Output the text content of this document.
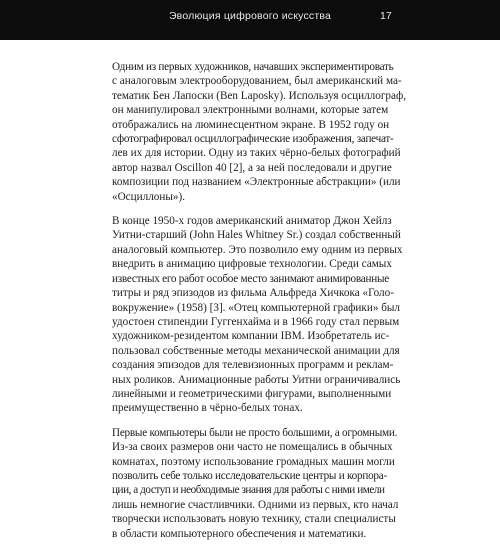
Эволюция цифрового искусства	17

Одним из первых художников, начавших экспериментировать
с аналоговым электрооборудованием, был американский ма-
тематик Бен Лапоски (Ben Laposky). Используя осциллограф,
он манипулировал электронными волнами, которые затем
отображались на люминесцентном экране. В 1952 году он
сфотографировал осциллографические изображения, запечат-
лев их для истории. Одну из таких чёрно-белых фотографий
автор назвал Oscillon 40 [2], а за ней последовали и другие
композиции под названием «Электронные абстракции» (или
«Осциллоны»).

В конце 1950-х годов американский аниматор Джон Хейлз
Уитни-старший (John Hales Whitney Sr.) создал собственный
аналоговый компьютер. Это позволило ему одним из первых
внедрить в анимацию цифровые технологии. Среди самых
известных его работ особое место занимают анимированные
титры и ряд эпизодов из фильма Альфреда Хичкока «Голо-
вокружение» (1958) [3]. «Отец компьютерной графики» был
удостоен стипендии Гуггенхайма и в 1966 году стал первым
художником-резидентом компании IBM. Изобретатель ис-
пользовал собственные методы механической анимации для
создания эпизодов для телевизионных программ и реклам-
ных роликов. Анимационные работы Уитни ограничивались
линейными и геометрическими фигурами, выполненными
преимущественно в чёрно-белых тонах.

Первые компьютеры были не просто большими, а огромными.
Из-за своих размеров они часто не помещались в обычных
комнатах, поэтому использование громадных машин могли
позволить себе только исследовательские центры и корпора-
ции, а доступ и необходимые знания для работы с ними имели
лишь немногие счастливчики. Одними из первых, кто начал
творчески использовать новую технику, стали специалисты
в области компьютерного обеспечения и математики.
